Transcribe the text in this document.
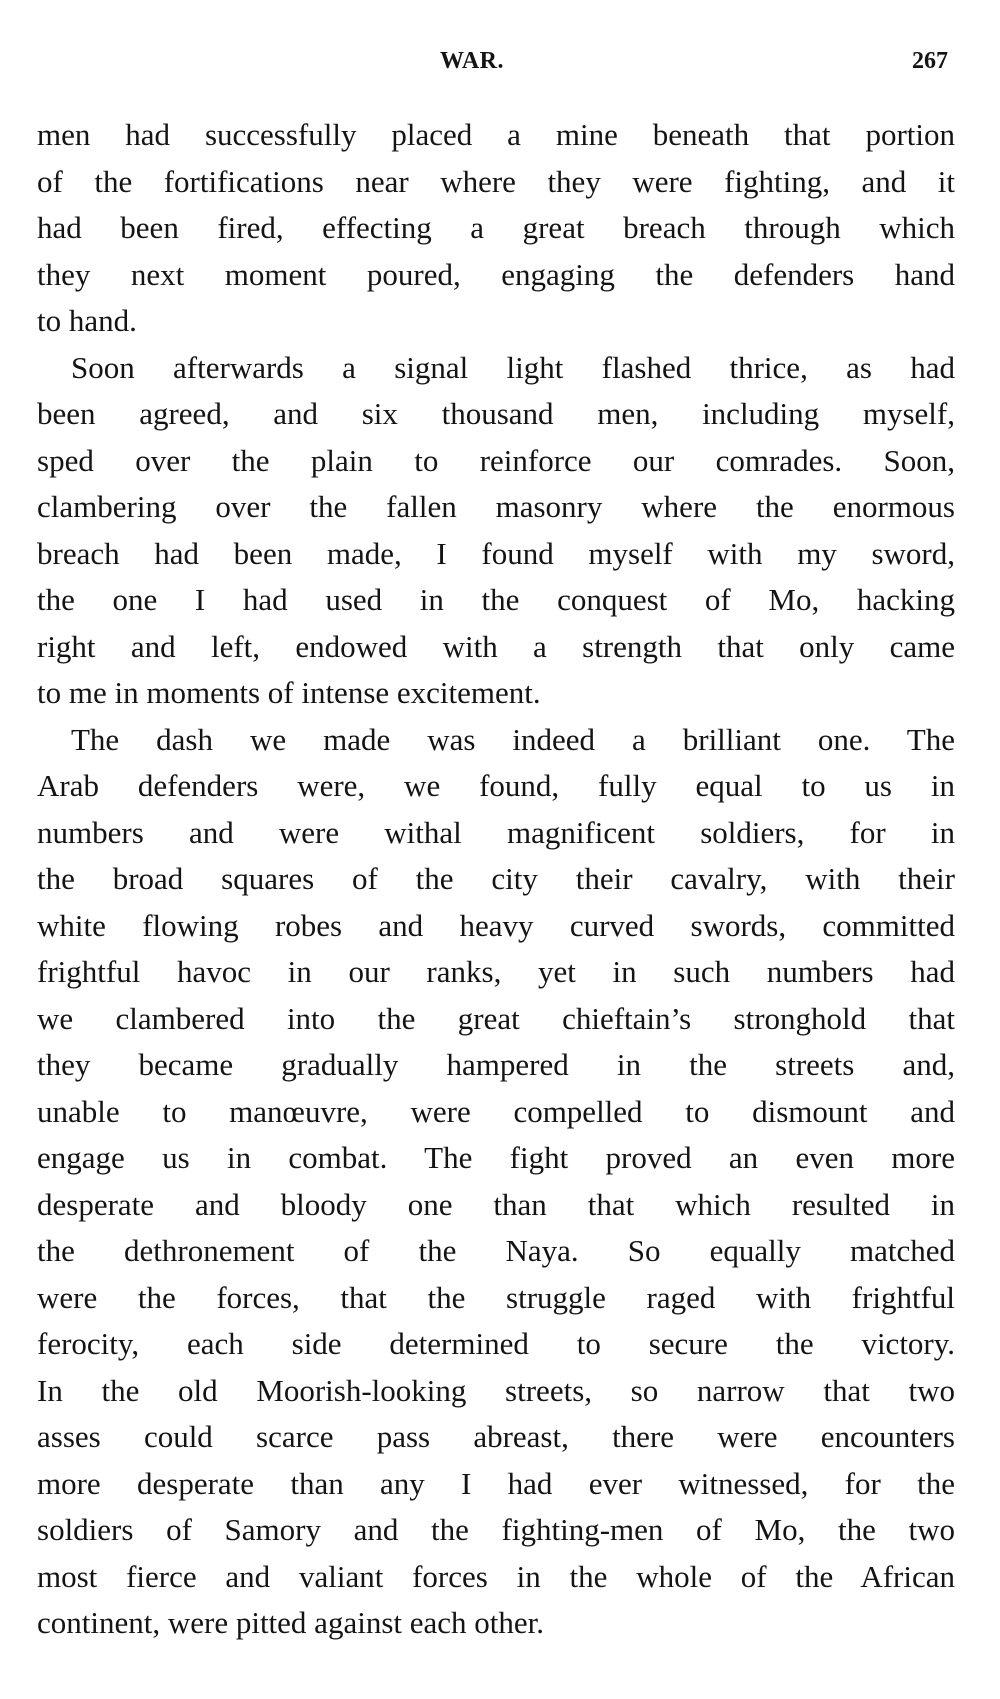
WAR.	267
men had successfully placed a mine beneath that portion
of the fortifications near where they were fighting, and it
had been fired, effecting a great breach through which
they next moment poured, engaging the defenders hand
to hand.
Soon afterwards a signal light flashed thrice, as had
been agreed, and six thousand men, including myself,
sped over the plain to reinforce our comrades. Soon,
clambering over the fallen masonry where the enormous
breach had been made, I found myself with my sword,
the one I had used in the conquest of Mo, hacking
right and left, endowed with a strength that only came
to me in moments of intense excitement.
The dash we made was indeed a brilliant one. The
Arab defenders were, we found, fully equal to us in
numbers and were withal magnificent soldiers, for in
the broad squares of the city their cavalry, with their
white flowing robes and heavy curved swords, committed
frightful havoc in our ranks, yet in such numbers had
we clambered into the great chieftain’s stronghold that
they became gradually hampered in the streets and,
unable to manœuvre, were compelled to dismount and
engage us in combat. The fight proved an even more
desperate and bloody one than that which resulted in
the dethronement of the Naya. So equally matched
were the forces, that the struggle raged with frightful
ferocity, each side determined to secure the victory.
In the old Moorish-looking streets, so narrow that two
asses could scarce pass abreast, there were encounters
more desperate than any I had ever witnessed, for the
soldiers of Samory and the fighting-men of Mo, the two
most fierce and valiant forces in the whole of the African
continent, were pitted against each other.
